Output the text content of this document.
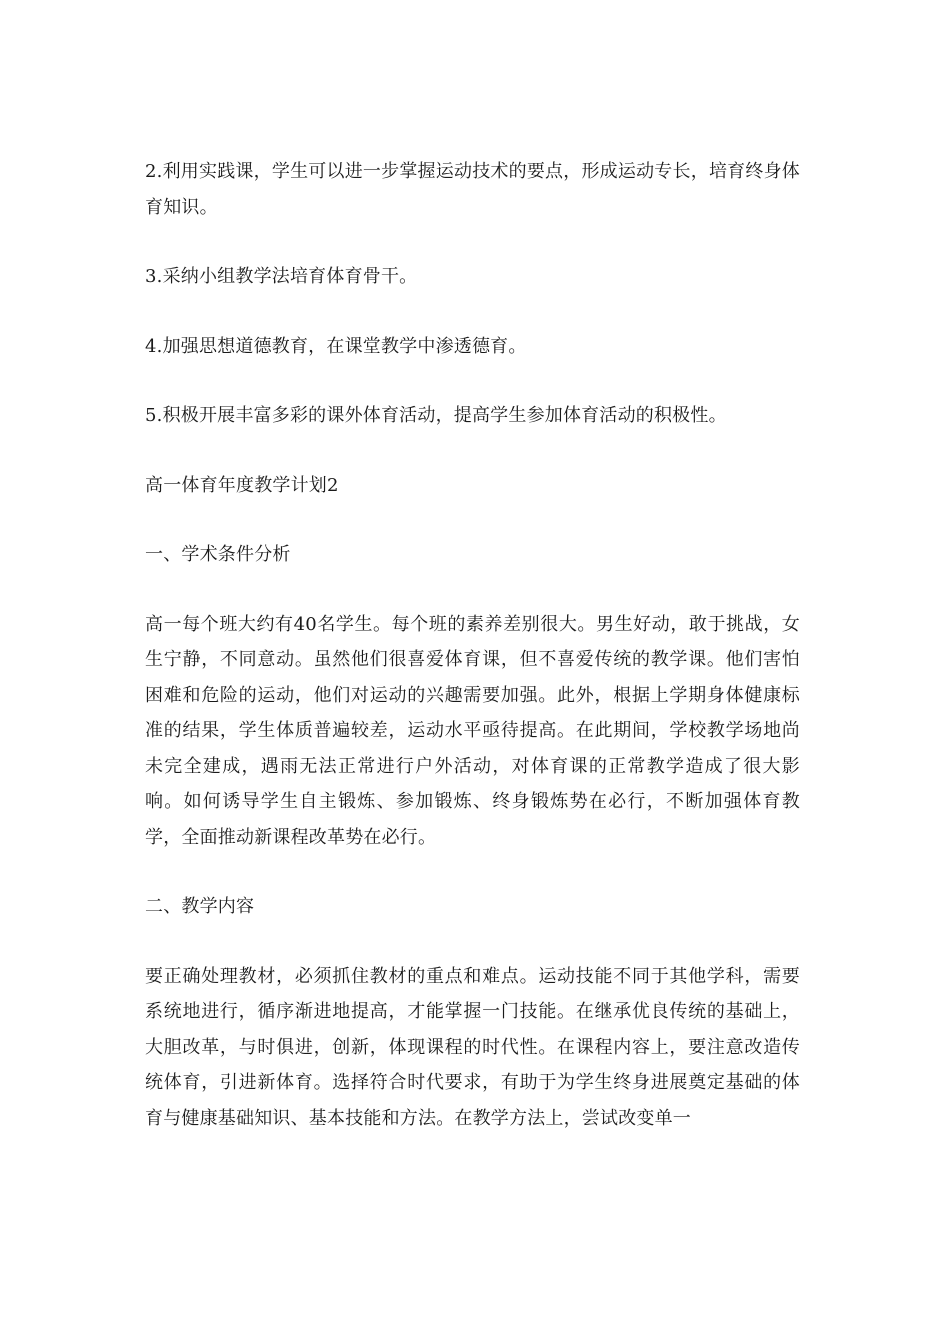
2.利用实践课，学生可以进一步掌握运动技术的要点，形成运动专长，培育终身体育知识。

3.采纳小组教学法培育体育骨干。

4.加强思想道德教育，在课堂教学中渗透德育。

5.积极开展丰富多彩的课外体育活动，提高学生参加体育活动的积极性。

高一体育年度教学计划2

一、学术条件分析

高一每个班大约有40名学生。每个班的素养差别很大。男生好动，敢于挑战，女生宁静，不同意动。虽然他们很喜爱体育课，但不喜爱传统的教学课。他们害怕困难和危险的运动，他们对运动的兴趣需要加强。此外，根据上学期身体健康标准的结果，学生体质普遍较差，运动水平亟待提高。在此期间，学校教学场地尚未完全建成，遇雨无法正常进行户外活动，对体育课的正常教学造成了很大影响。如何诱导学生自主锻炼、参加锻炼、终身锻炼势在必行，不断加强体育教学，全面推动新课程改革势在必行。

二、教学内容

要正确处理教材，必须抓住教材的重点和难点。运动技能不同于其他学科，需要系统地进行，循序渐进地提高，才能掌握一门技能。在继承优良传统的基础上，大胆改革，与时俱进，创新，体现课程的时代性。在课程内容上，要注意改造传统体育，引进新体育。选择符合时代要求，有助于为学生终身进展奠定基础的体育与健康基础知识、基本技能和方法。在教学方法上，尝试改变单一
